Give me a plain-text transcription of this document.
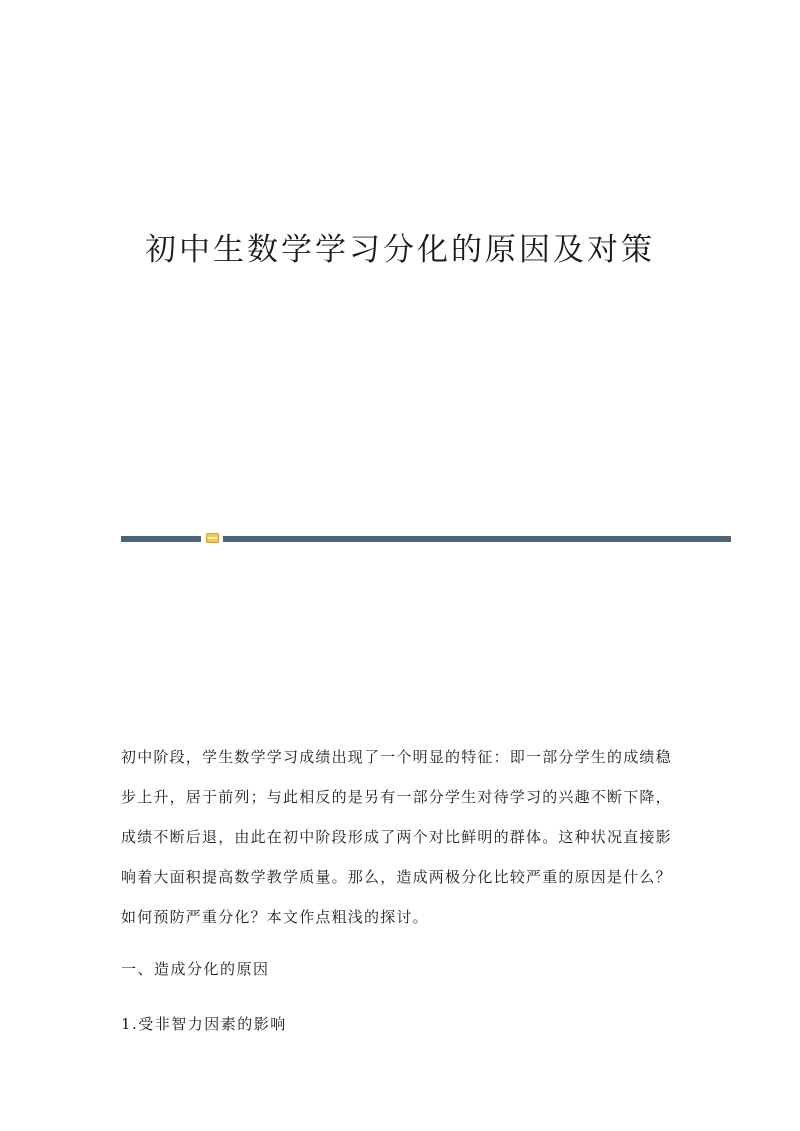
初中生数学学习分化的原因及对策

初中阶段，学生数学学习成绩出现了一个明显的特征：即一部分学生的成绩稳步上升，居于前列；与此相反的是另有一部分学生对待学习的兴趣不断下降，成绩不断后退，由此在初中阶段形成了两个对比鲜明的群体。这种状况直接影响着大面积提高数学教学质量。那么，造成两极分化比较严重的原因是什么？如何预防严重分化？本文作点粗浅的探讨。

一、造成分化的原因
1.受非智力因素的影响
